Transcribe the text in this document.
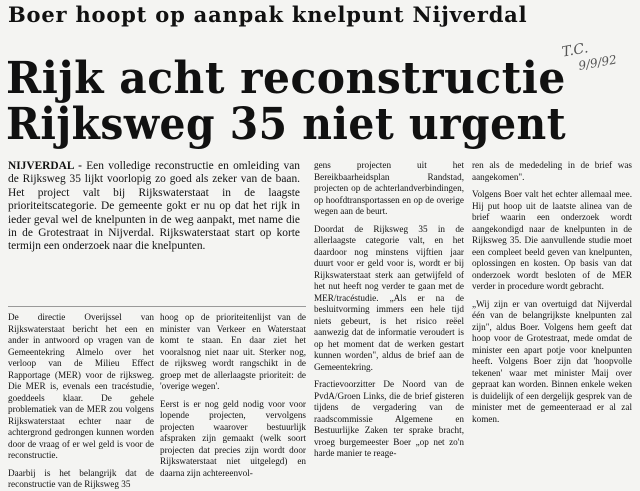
Boer hoopt op aanpak knelpunt Nijverdal
Rijk acht reconstructie
Rijksweg 35 niet urgent
T.C.
9/9/92
NIJVERDAL - Een volledige reconstructie en omleiding van de Rijksweg 35 lijkt voorlopig zo goed als zeker van de baan. Het project valt bij Rijkswaterstaat in de laagste prioriteitscategorie. De gemeente gokt er nu op dat het rijk in ieder geval wel de knelpunten in de weg aanpakt, met name die in de Grotestraat in Nijverdal. Rijkswaterstaat start op korte termijn een onderzoek naar die knelpunten.

De directie Overijssel van Rijkswaterstaat bericht het een en ander in antwoord op vragen van de Gemeentekring Almelo over het verloop van de Milieu Effect Rapportage (MER) voor de rijksweg. Die MER is, evenals een tracéstudie, goeddeels klaar. De gehele problematiek van de MER zou volgens Rijkswaterstaat echter naar de achtergrond gedrongen kunnen worden door de vraag of er wel geld is voor de reconstructie.

Daarbij is het belangrijk dat de reconstructie van de Rijksweg 35

hoog op de prioriteitenlijst van de minister van Verkeer en Waterstaat komt te staan. En daar ziet het vooralsnog niet naar uit. Sterker nog, de rijksweg wordt rangschikt in de groep met de allerlaagste prioriteit: de 'overige wegen'.

Eerst is er nog geld nodig voor voor lopende projecten, vervolgens projecten waarover bestuurlijk afspraken zijn gemaakt (welk soort projecten dat precies zijn wordt door Rijkswaterstaat niet uitgelegd) en daarna zijn achtereenvol-

gens projecten uit het Bereikbaarheidsplan Randstad, projecten op de achterlandverbindingen, op hoofdtransportassen en op de overige wegen aan de beurt.

Doordat de Rijksweg 35 in de allerlaagste categorie valt, en het daardoor nog minstens vijftien jaar duurt voor er geld voor is, wordt er bij Rijkswaterstaat sterk aan getwijfeld of het nut heeft nog verder te gaan met de MER/tracéstudie. „Als er na de besluitvorming immers een hele tijd niets gebeurt, is het risico reëel aanwezig dat de informatie veroudert is op het moment dat de werken gestart kunnen worden", aldus de brief aan de Gemeentekring.

Fractievoorzitter De Noord van de PvdA/Groen Links, die de brief gisteren tijdens de vergadering van de raadscommissie Algemene en Bestuurlijke Zaken ter sprake bracht, vroeg burgemeester Boer „op net zo'n harde manier te reage-

ren als de mededeling in de brief was aangekomen".

Volgens Boer valt het echter allemaal mee. Hij put hoop uit de laatste alinea van de brief waarin een onderzoek wordt aangekondigd naar de knelpunten in de Rijksweg 35. Die aanvullende studie moet een compleet beeld geven van knelpunten, oplossingen en kosten. Op basis van dat onderzoek wordt besloten of de MER verder in procedure wordt gebracht.

„Wij zijn er van overtuigd dat Nijverdal één van de belangrijkste knelpunten zal zijn", aldus Boer. Volgens hem geeft dat hoop voor de Grotestraat, mede omdat de minister een apart potje voor knelpunten heeft. Volgens Boer zijn dat 'hoopvolle tekenen' waar met minister Maij over gepraat kan worden. Binnen enkele weken is duidelijk of een dergelijk gesprek van de minister met de gemeenteraad er al zal komen.
